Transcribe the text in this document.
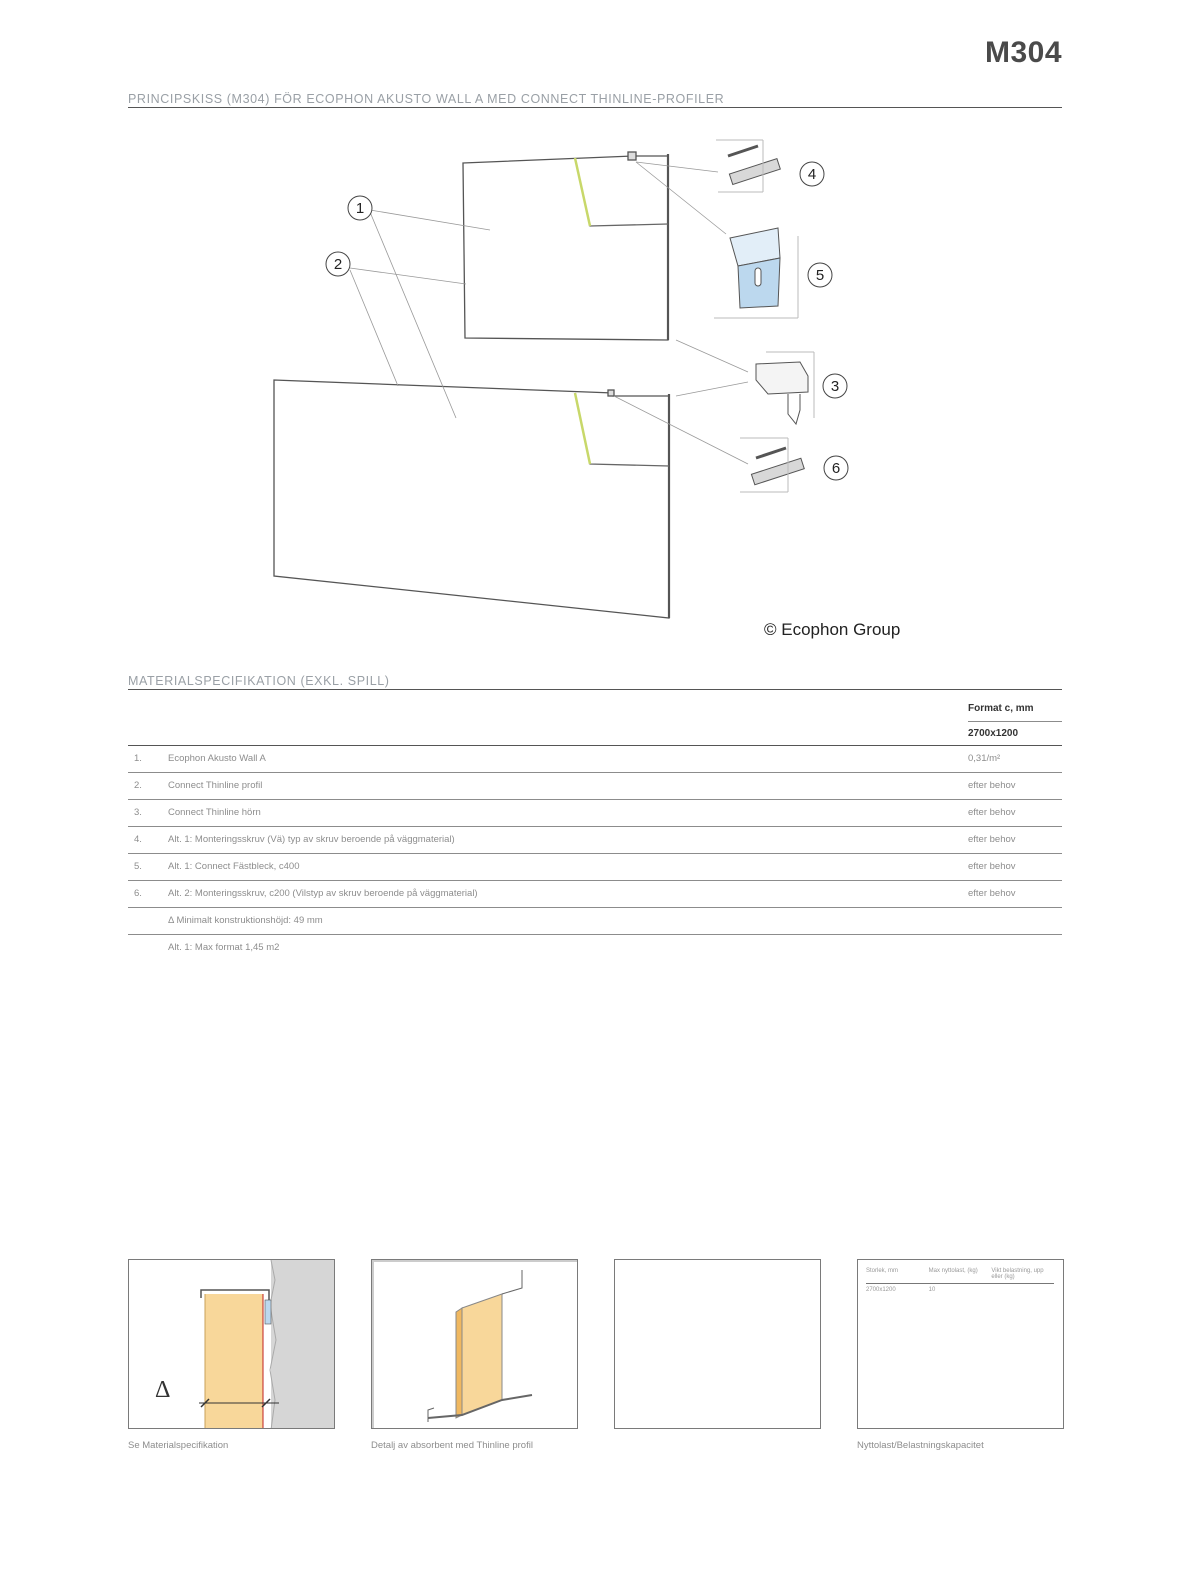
M304
PRINCIPSKISS (M304) FÖR ECOPHON AKUSTO WALL A MED CONNECT THINLINE-PROFILER
1
2
3
4
5
6
© Ecophon Group
MATERIALSPECIFIKATION (EXKL. SPILL)
		Format c, mm
		2700x1200
1.	Ecophon Akusto Wall A	0,31/m²
2.	Connect Thinline profil	efter behov
3.	Connect Thinline hörn	efter behov
4.	Alt. 1: Monteringsskruv (Vä) typ av skruv beroende på väggmaterial)	efter behov
5.	Alt. 1: Connect Fästbleck, c400	efter behov
6.	Alt. 2: Monteringsskruv, c200 (Vilstyp av skruv beroende på väggmaterial)	efter behov
	Δ Minimalt konstruktionshöjd: 49 mm	
	Alt. 1: Max format 1,45 m2	
Δ
Se Materialspecifikation	Detalj av absorbent med Thinline profil
Storlek, mm	Max nyttolast, (kg)	Vikt belastning, upp eller (kg)
2700x1200	10
Nyttolast/Belastningskapacitet
